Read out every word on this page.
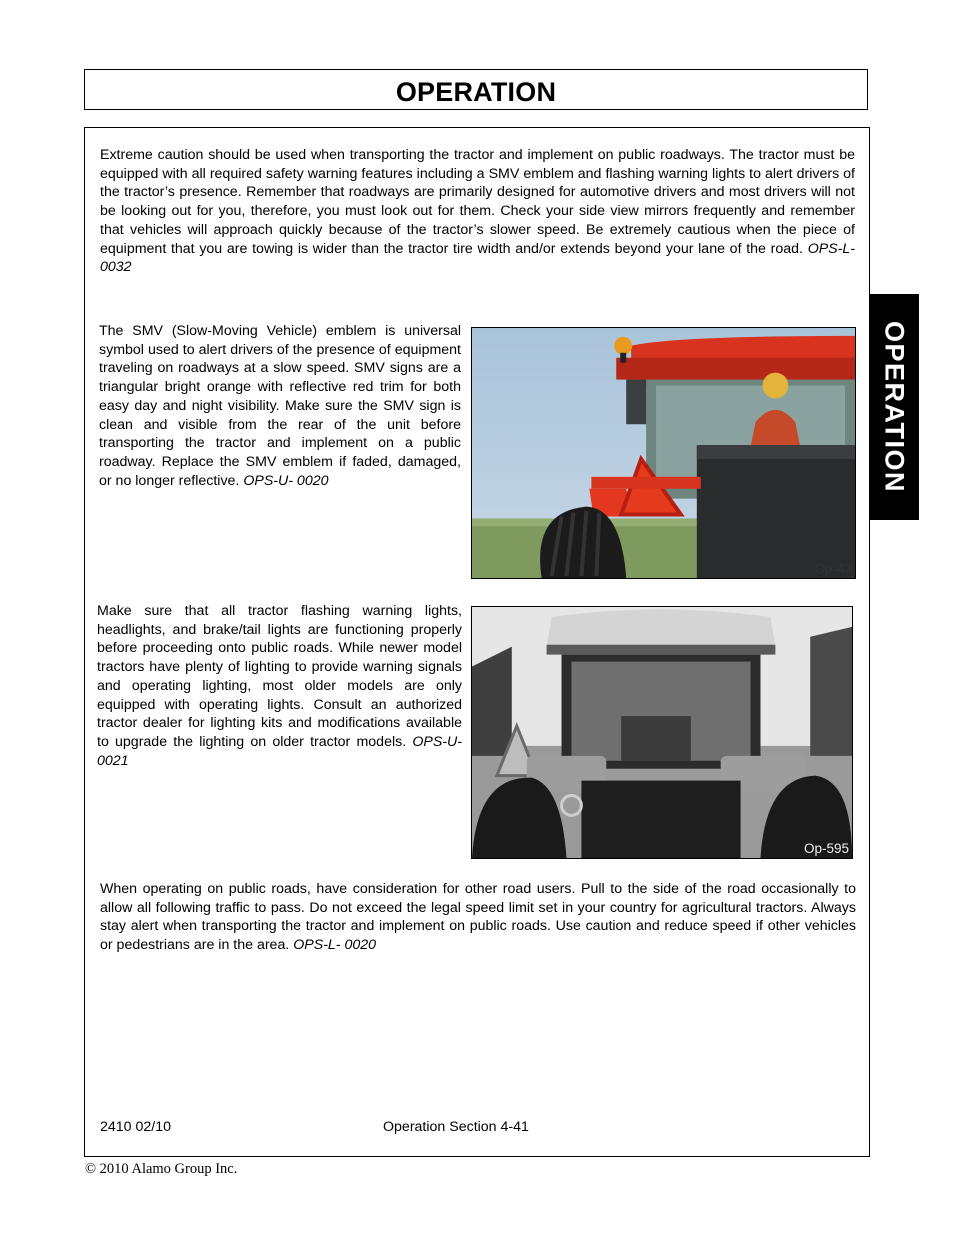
OPERATION
OPERATION
Extreme caution should be used when transporting the tractor and implement on public roadways. The tractor must be equipped with all required safety warning features including a SMV emblem and flashing warning lights to alert drivers of the tractor’s presence. Remember that roadways are primarily designed for automotive drivers and most drivers will not be looking out for you, therefore, you must look out for them. Check your side view mirrors frequently and remember that vehicles will approach quickly because of the tractor’s slower speed. Be extremely cautious when the piece of equipment that you are towing is wider than the tractor tire width and/or extends beyond your lane of the road. OPS-L- 0032
The SMV (Slow-Moving Vehicle) emblem is universal symbol used to alert drivers of the presence of equipment traveling on roadways at a slow speed. SMV signs are a triangular bright orange with reflective red trim for both easy day and night visibility. Make sure the SMV sign is clean and visible from the rear of the unit before transporting the tractor and implement on a public roadway. Replace the SMV emblem if faded, damaged, or no longer reflective. OPS-U- 0020
Op-43
Make sure that all tractor flashing warning lights, headlights, and brake/tail lights are functioning properly before proceeding onto public roads. While newer model tractors have plenty of lighting to provide warning signals and operating lighting, most older models are only equipped with operating lights. Consult an authorized tractor dealer for lighting kits and modifications available to upgrade the lighting on older tractor models. OPS-U- 0021
Op-595
When operating on public roads, have consideration for other road users. Pull to the side of the road occasionally to allow all following traffic to pass. Do not exceed the legal speed limit set in your country for agricultural tractors. Always stay alert when transporting the tractor and implement on public roads. Use caution and reduce speed if other vehicles or pedestrians are in the area. OPS-L- 0020
2410 02/10	Operation Section 4-41
© 2010 Alamo Group Inc.
